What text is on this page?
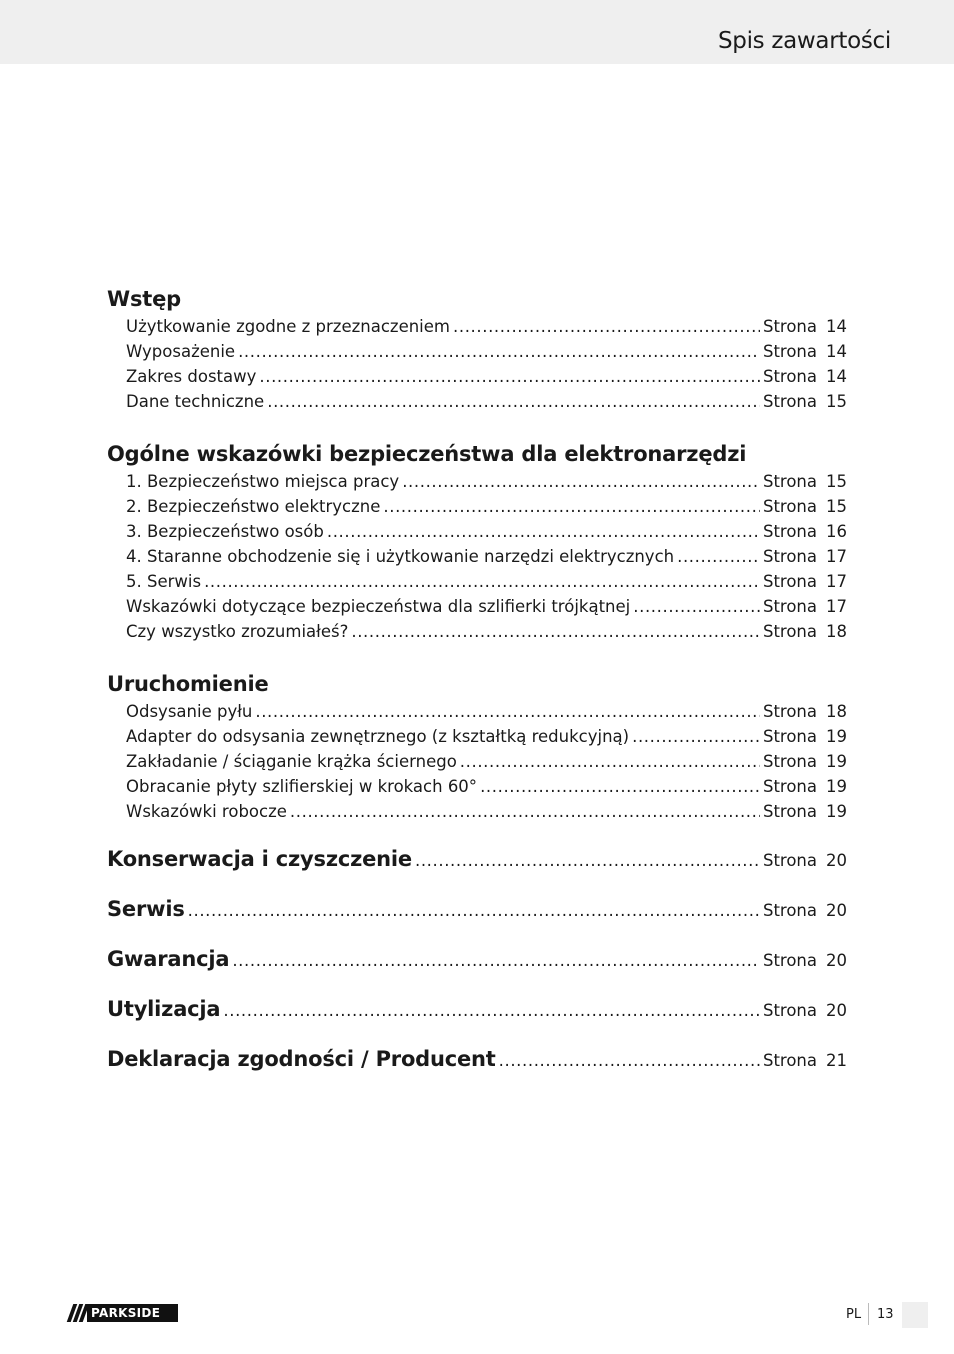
Spis zawartości
Wstęp
Użytkowanie zgodne z przeznaczeniem .....	Strona 14
Wyposażenie .....	Strona 14
Zakres dostawy .....	Strona 14
Dane techniczne .....	Strona 15
Ogólne wskazówki bezpieczeństwa dla elektronarzędzi
1. Bezpieczeństwo miejsca pracy .....	Strona 15
2. Bezpieczeństwo elektryczne .....	Strona 15
3. Bezpieczeństwo osób .....	Strona 16
4. Staranne obchodzenie się i użytkowanie narzędzi elektrycznych .....	Strona 17
5. Serwis .....	Strona 17
Wskazówki dotyczące bezpieczeństwa dla szlifierki trójkątnej .....	Strona 17
Czy wszystko zrozumiałeś? .....	Strona 18
Uruchomienie
Odsysanie pyłu .....	Strona 18
Adapter do odsysania zewnętrznego (z kształtką redukcyjną) .....	Strona 19
Zakładanie / ściąganie krążka ściernego .....	Strona 19
Obracanie płyty szlifierskiej w krokach 60° .....	Strona 19
Wskazówki robocze .....	Strona 19
Konserwacja i czyszczenie .....	Strona 20
Serwis .....	Strona 20
Gwarancja .....	Strona 20
Utylizacja .....	Strona 20
Deklaracja zgodności / Producent .....	Strona 21
PARKSIDE	PL 13
